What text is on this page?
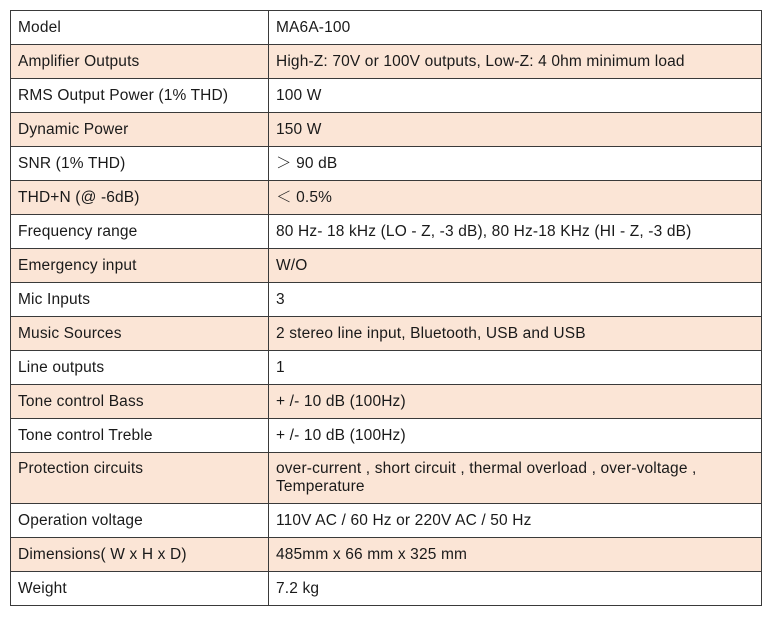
Model	MA6A-100
Amplifier Outputs	High-Z: 70V or 100V outputs, Low-Z: 4 0hm minimum load
RMS Output Power (1% THD)	100 W
Dynamic Power	150 W
SNR (1% THD)	＞ 90 dB
THD+N (@ -6dB)	＜ 0.5%
Frequency range	80 Hz- 18 kHz (LO - Z, -3 dB), 80 Hz-18 KHz (HI - Z, -3 dB)
Emergency input	W/O
Mic Inputs	3
Music Sources	2 stereo line input, Bluetooth, USB and USB
Line outputs	1
Tone control Bass	+ /- 10 dB (100Hz)
Tone control Treble	+ /- 10 dB (100Hz)
Protection circuits	over-current , short circuit , thermal overload , over-voltage , Temperature
Operation voltage	110V AC / 60 Hz or 220V AC / 50 Hz
Dimensions( W x H x D)	485mm x 66 mm x 325 mm
Weight	7.2 kg
